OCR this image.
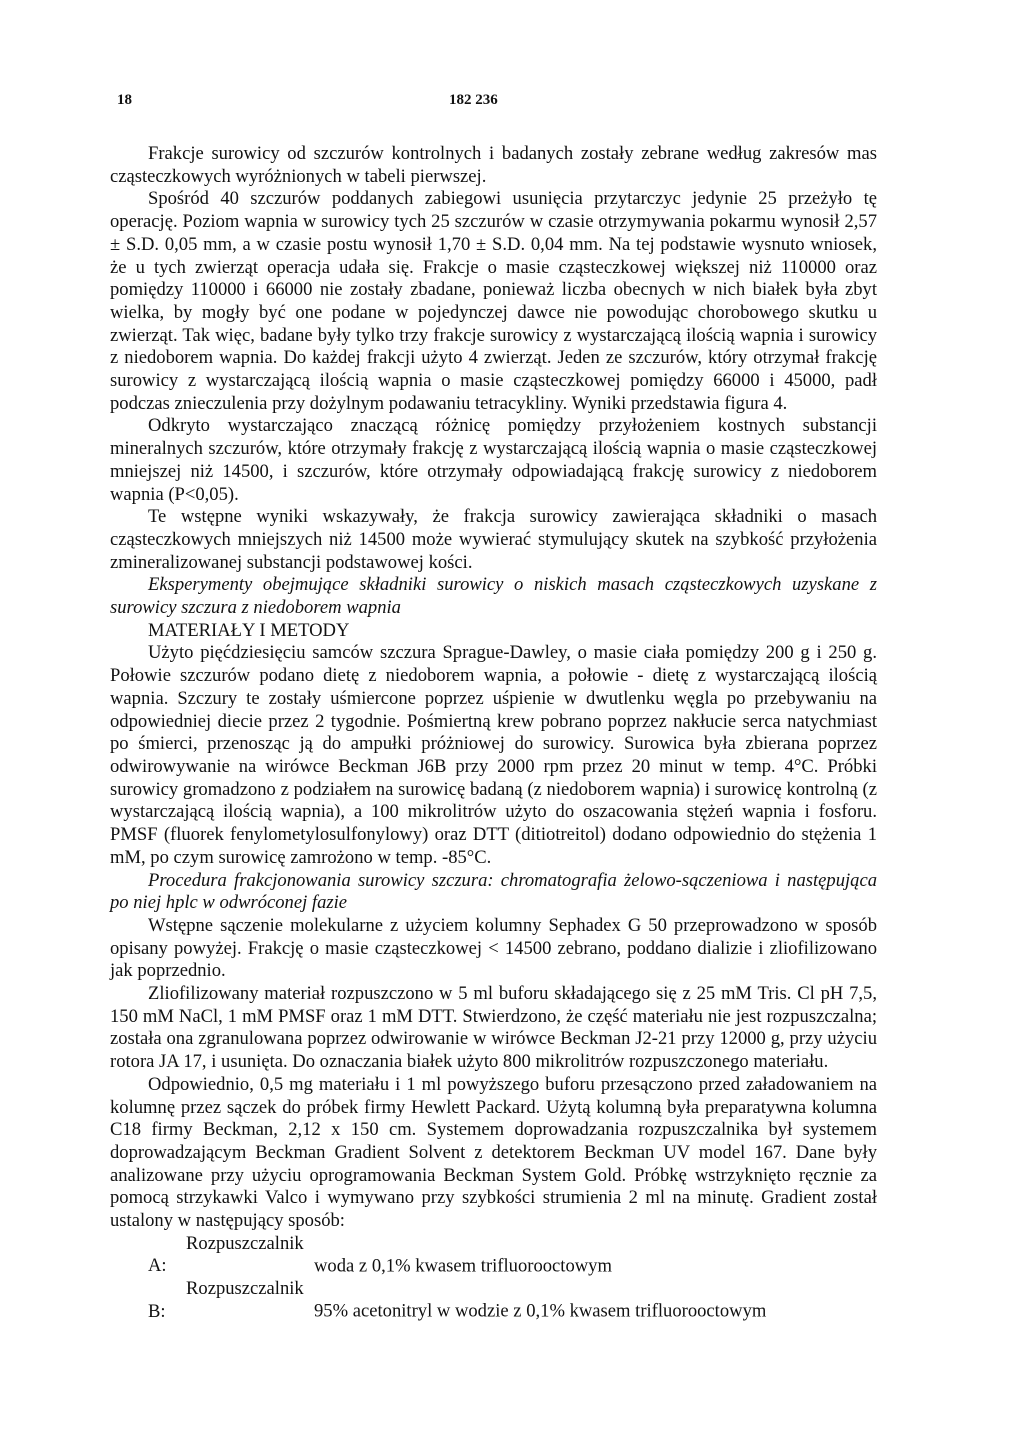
18	182 236

Frakcje surowicy od szczurów kontrolnych i badanych zostały zebrane według zakresów mas cząsteczkowych wyróżnionych w tabeli pierwszej.

Spośród 40 szczurów poddanych zabiegowi usunięcia przytarczyc jedynie 25 przeżyło tę operację. Poziom wapnia w surowicy tych 25 szczurów w czasie otrzymywania pokarmu wynosił 2,57 ± S.D. 0,05 mm, a w czasie postu wynosił 1,70 ± S.D. 0,04 mm. Na tej podstawie wysnuto wniosek, że u tych zwierząt operacja udała się. Frakcje o masie cząsteczkowej większej niż 110000 oraz pomiędzy 110000 i 66000 nie zostały zbadane, ponieważ liczba obecnych w nich białek była zbyt wielka, by mogły być one podane w pojedynczej dawce nie powodując chorobowego skutku u zwierząt. Tak więc, badane były tylko trzy frakcje surowicy z wystarczającą ilością wapnia i surowicy z niedoborem wapnia. Do każdej frakcji użyto 4 zwierząt. Jeden ze szczurów, który otrzymał frakcję surowicy z wystarczającą ilością wapnia o masie cząsteczkowej pomiędzy 66000 i 45000, padł podczas znieczulenia przy dożylnym podawaniu tetracykliny. Wyniki przedstawia figura 4.

Odkryto wystarczająco znaczącą różnicę pomiędzy przyłożeniem kostnych substancji mineralnych szczurów, które otrzymały frakcję z wystarczającą ilością wapnia o masie cząsteczkowej mniejszej niż 14500, i szczurów, które otrzymały odpowiadającą frakcję surowicy z niedoborem wapnia (P<0,05).

Te wstępne wyniki wskazywały, że frakcja surowicy zawierająca składniki o masach cząsteczkowych mniejszych niż 14500 może wywierać stymulujący skutek na szybkość przyłożenia zmineralizowanej substancji podstawowej kości.

Eksperymenty obejmujące składniki surowicy o niskich masach cząsteczkowych uzyskane z surowicy szczura z niedoborem wapnia

MATERIAŁY I METODY

Użyto pięćdziesięciu samców szczura Sprague-Dawley, o masie ciała pomiędzy 200 g i 250 g. Połowie szczurów podano dietę z niedoborem wapnia, a połowie - dietę z wystarczającą ilością wapnia. Szczury te zostały uśmiercone poprzez uśpienie w dwutlenku węgla po przebywaniu na odpowiedniej diecie przez 2 tygodnie. Pośmiertną krew pobrano poprzez nakłucie serca natychmiast po śmierci, przenosząc ją do ampułki próżniowej do surowicy. Surowica była zbierana poprzez odwirowywanie na wirówce Beckman J6B przy 2000 rpm przez 20 minut w temp. 4°C. Próbki surowicy gromadzono z podziałem na surowicę badaną (z niedoborem wapnia) i surowicę kontrolną (z wystarczającą ilością wapnia), a 100 mikrolitrów użyto do oszacowania stężeń wapnia i fosforu. PMSF (fluorek fenylometylosulfonylowy) oraz DTT (ditiotreitol) dodano odpowiednio do stężenia 1 mM, po czym surowicę zamrożono w temp. -85°C.

Procedura frakcjonowania surowicy szczura: chromatografia żelowo-sączeniowa i następująca po niej hplc w odwróconej fazie

Wstępne sączenie molekularne z użyciem kolumny Sephadex G 50 przeprowadzono w sposób opisany powyżej. Frakcję o masie cząsteczkowej < 14500 zebrano, poddano dializie i zliofilizowano jak poprzednio.

Zliofilizowany materiał rozpuszczono w 5 ml buforu składającego się z 25 mM Tris. Cl pH 7,5, 150 mM NaCl, 1 mM PMSF oraz 1 mM DTT. Stwierdzono, że część materiału nie jest rozpuszczalna; została ona zgranulowana poprzez odwirowanie w wirówce Beckman J2-21 przy 12000 g, przy użyciu rotora JA 17, i usunięta. Do oznaczania białek użyto 800 mikrolitrów rozpuszczonego materiału.

Odpowiednio, 0,5 mg materiału i 1 ml powyższego buforu przesączono przed załadowaniem na kolumnę przez sączek do próbek firmy Hewlett Packard. Użytą kolumną była preparatywna kolumna C18 firmy Beckman, 2,12 x 150 cm. Systemem doprowadzania rozpuszczalnika był systemem doprowadzającym Beckman Gradient Solvent z detektorem Beckman UV model 167. Dane były analizowane przy użyciu oprogramowania Beckman System Gold. Próbkę wstrzyknięto ręcznie za pomocą strzykawki Valco i wymywano przy szybkości strumienia 2 ml na minutę. Gradient został ustalony w następujący sposób:

Rozpuszczalnik A:	woda z 0,1% kwasem trifluorooctowym

Rozpuszczalnik B:	95% acetonitryl w wodzie z 0,1% kwasem trifluorooctowym
